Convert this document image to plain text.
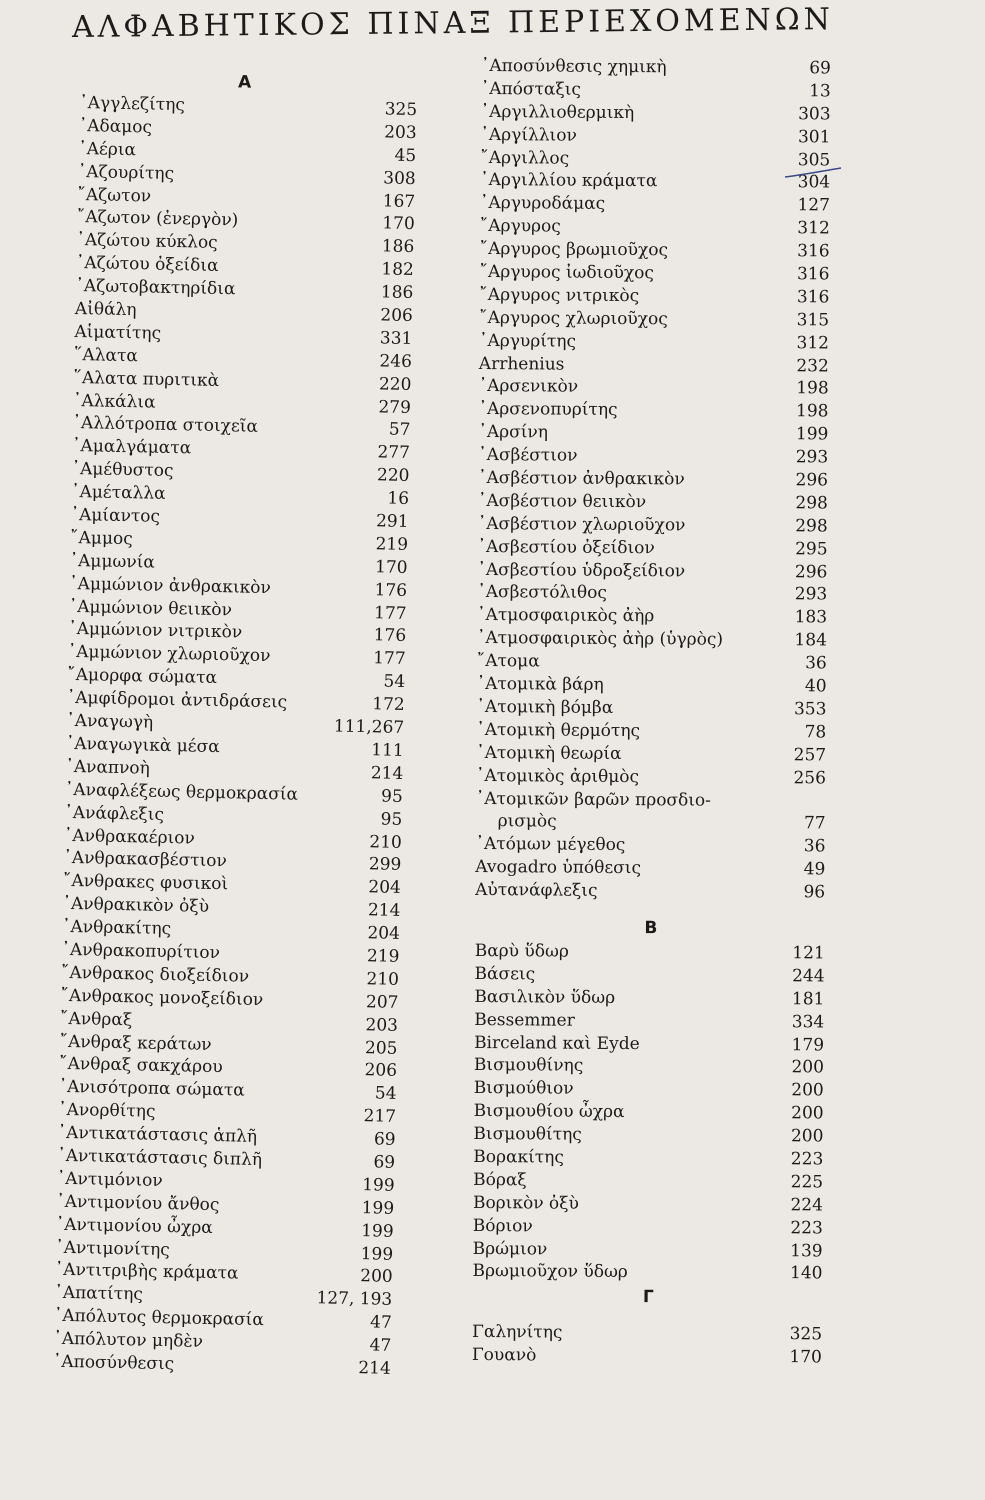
ΑΛΦΑΒΗΤΙΚΟΣ ΠΙΝΑΞ ΠΕΡΙΕΧΟΜΕΝΩΝ
Α
᾿Αγγλεζίτης	325
᾿Αδαμος	203
᾿Αέρια	45
᾿Αζουρίτης	308
῎Αζωτον	167
῎Αζωτον (ἐνεργὸν)	170
᾿Αζώτου κύκλος	186
᾿Αζώτου ὀξείδια	182
᾿Αζωτοβακτηρίδια	186
Αἰθάλη	206
Αἱματίτης	331
῞Αλατα	246
῞Αλατα πυριτικὰ	220
᾿Αλκάλια	279
᾿Αλλότροπα στοιχεῖα	57
᾿Αμαλγάματα	277
᾿Αμέθυστος	220
᾿Αμέταλλα	16
᾿Αμίαντος	291
῎Αμμος	219
᾿Αμμωνία	170
᾿Αμμώνιον ἀνθρακικὸν	176
᾿Αμμώνιον θειικὸν	177
᾿Αμμώνιον νιτρικὸν	176
᾿Αμμώνιον χλωριοῦχον	177
῎Αμορφα σώματα	54
᾿Αμφίδρομοι ἀντιδράσεις	172
᾿Αναγωγὴ	111,267
᾿Αναγωγικὰ μέσα	111
᾿Αναπνοὴ	214
᾿Αναφλέξεως θερμοκρασία	95
᾿Ανάφλεξις	95
᾿Ανθρακαέριον	210
᾿Ανθρακασβέστιον	299
῎Ανθρακες φυσικοὶ	204
᾿Ανθρακικὸν ὀξὺ	214
᾿Ανθρακίτης	204
᾿Ανθρακοπυρίτιον	219
῎Ανθρακος διοξείδιον	210
῎Ανθρακος μονοξείδιον	207
῎Ανθραξ	203
῎Ανθραξ κεράτων	205
῎Ανθραξ σακχάρου	206
᾿Ανισότροπα σώματα	54
᾿Ανορθίτης	217
᾿Αντικατάστασις ἁπλῆ	69
᾿Αντικατάστασις διπλῆ	69
᾿Αντιμόνιον	199
᾿Αντιμονίου ἄνθος	199
᾿Αντιμονίου ὦχρα	199
᾿Αντιμονίτης	199
᾿Αντιτριβὴς κράματα	200
᾿Απατίτης	127, 193
᾿Απόλυτος θερμοκρασία	47
᾿Απόλυτον μηδὲν	47
᾿Αποσύνθεσις	214
᾿Αποσύνθεσις χημικὴ	69
᾿Απόσταξις	13
᾿Αργιλλιοθερμικὴ	303
᾿Αργίλλιον	301
῎Αργιλλος	305
᾿Αργιλλίου κράματα	304
᾿Αργυροδάμας	127
῎Αργυρος	312
῎Αργυρος βρωμιοῦχος	316
῎Αργυρος ἰωδιοῦχος	316
῎Αργυρος νιτρικὸς	316
῎Αργυρος χλωριοῦχος	315
᾿Αργυρίτης	312
Arrhenius	232
᾿Αρσενικὸν	198
᾿Αρσενοπυρίτης	198
᾿Αρσίνη	199
᾿Ασβέστιον	293
᾿Ασβέστιον ἀνθρακικὸν	296
᾿Ασβέστιον θειικὸν	298
᾿Ασβέστιον χλωριοῦχον	298
᾿Ασβεστίου ὀξείδιον	295
᾿Ασβεστίου ὑδροξείδιον	296
᾿Ασβεστόλιθος	293
᾿Ατμοσφαιρικὸς ἀὴρ	183
᾿Ατμοσφαιρικὸς ἀὴρ (ὑγρὸς)	184
῎Ατομα	36
᾿Ατομικὰ βάρη	40
᾿Ατομικὴ βόμβα	353
᾿Ατομικὴ θερμότης	78
᾿Ατομικὴ θεωρία	257
᾿Ατομικὸς ἀριθμὸς	256
᾿Ατομικῶν βαρῶν προσδιο-
ρισμὸς	77
᾿Ατόμων μέγεθος	36
Avogadro ὑπόθεσις	49
Αὐτανάφλεξις	96
Β
Βαρὺ ὕδωρ	121
Βάσεις	244
Βασιλικὸν ὕδωρ	181
Bessemmer	334
Birceland καὶ Eyde	179
Βισμουθίνης	200
Βισμούθιον	200
Βισμουθίου ὦχρα	200
Βισμουθίτης	200
Βορακίτης	223
Βόραξ	225
Βορικὸν ὀξὺ	224
Βόριον	223
Βρώμιον	139
Βρωμιοῦχον ὕδωρ	140
Γ
Γαληνίτης	325
Γουανὸ	170
